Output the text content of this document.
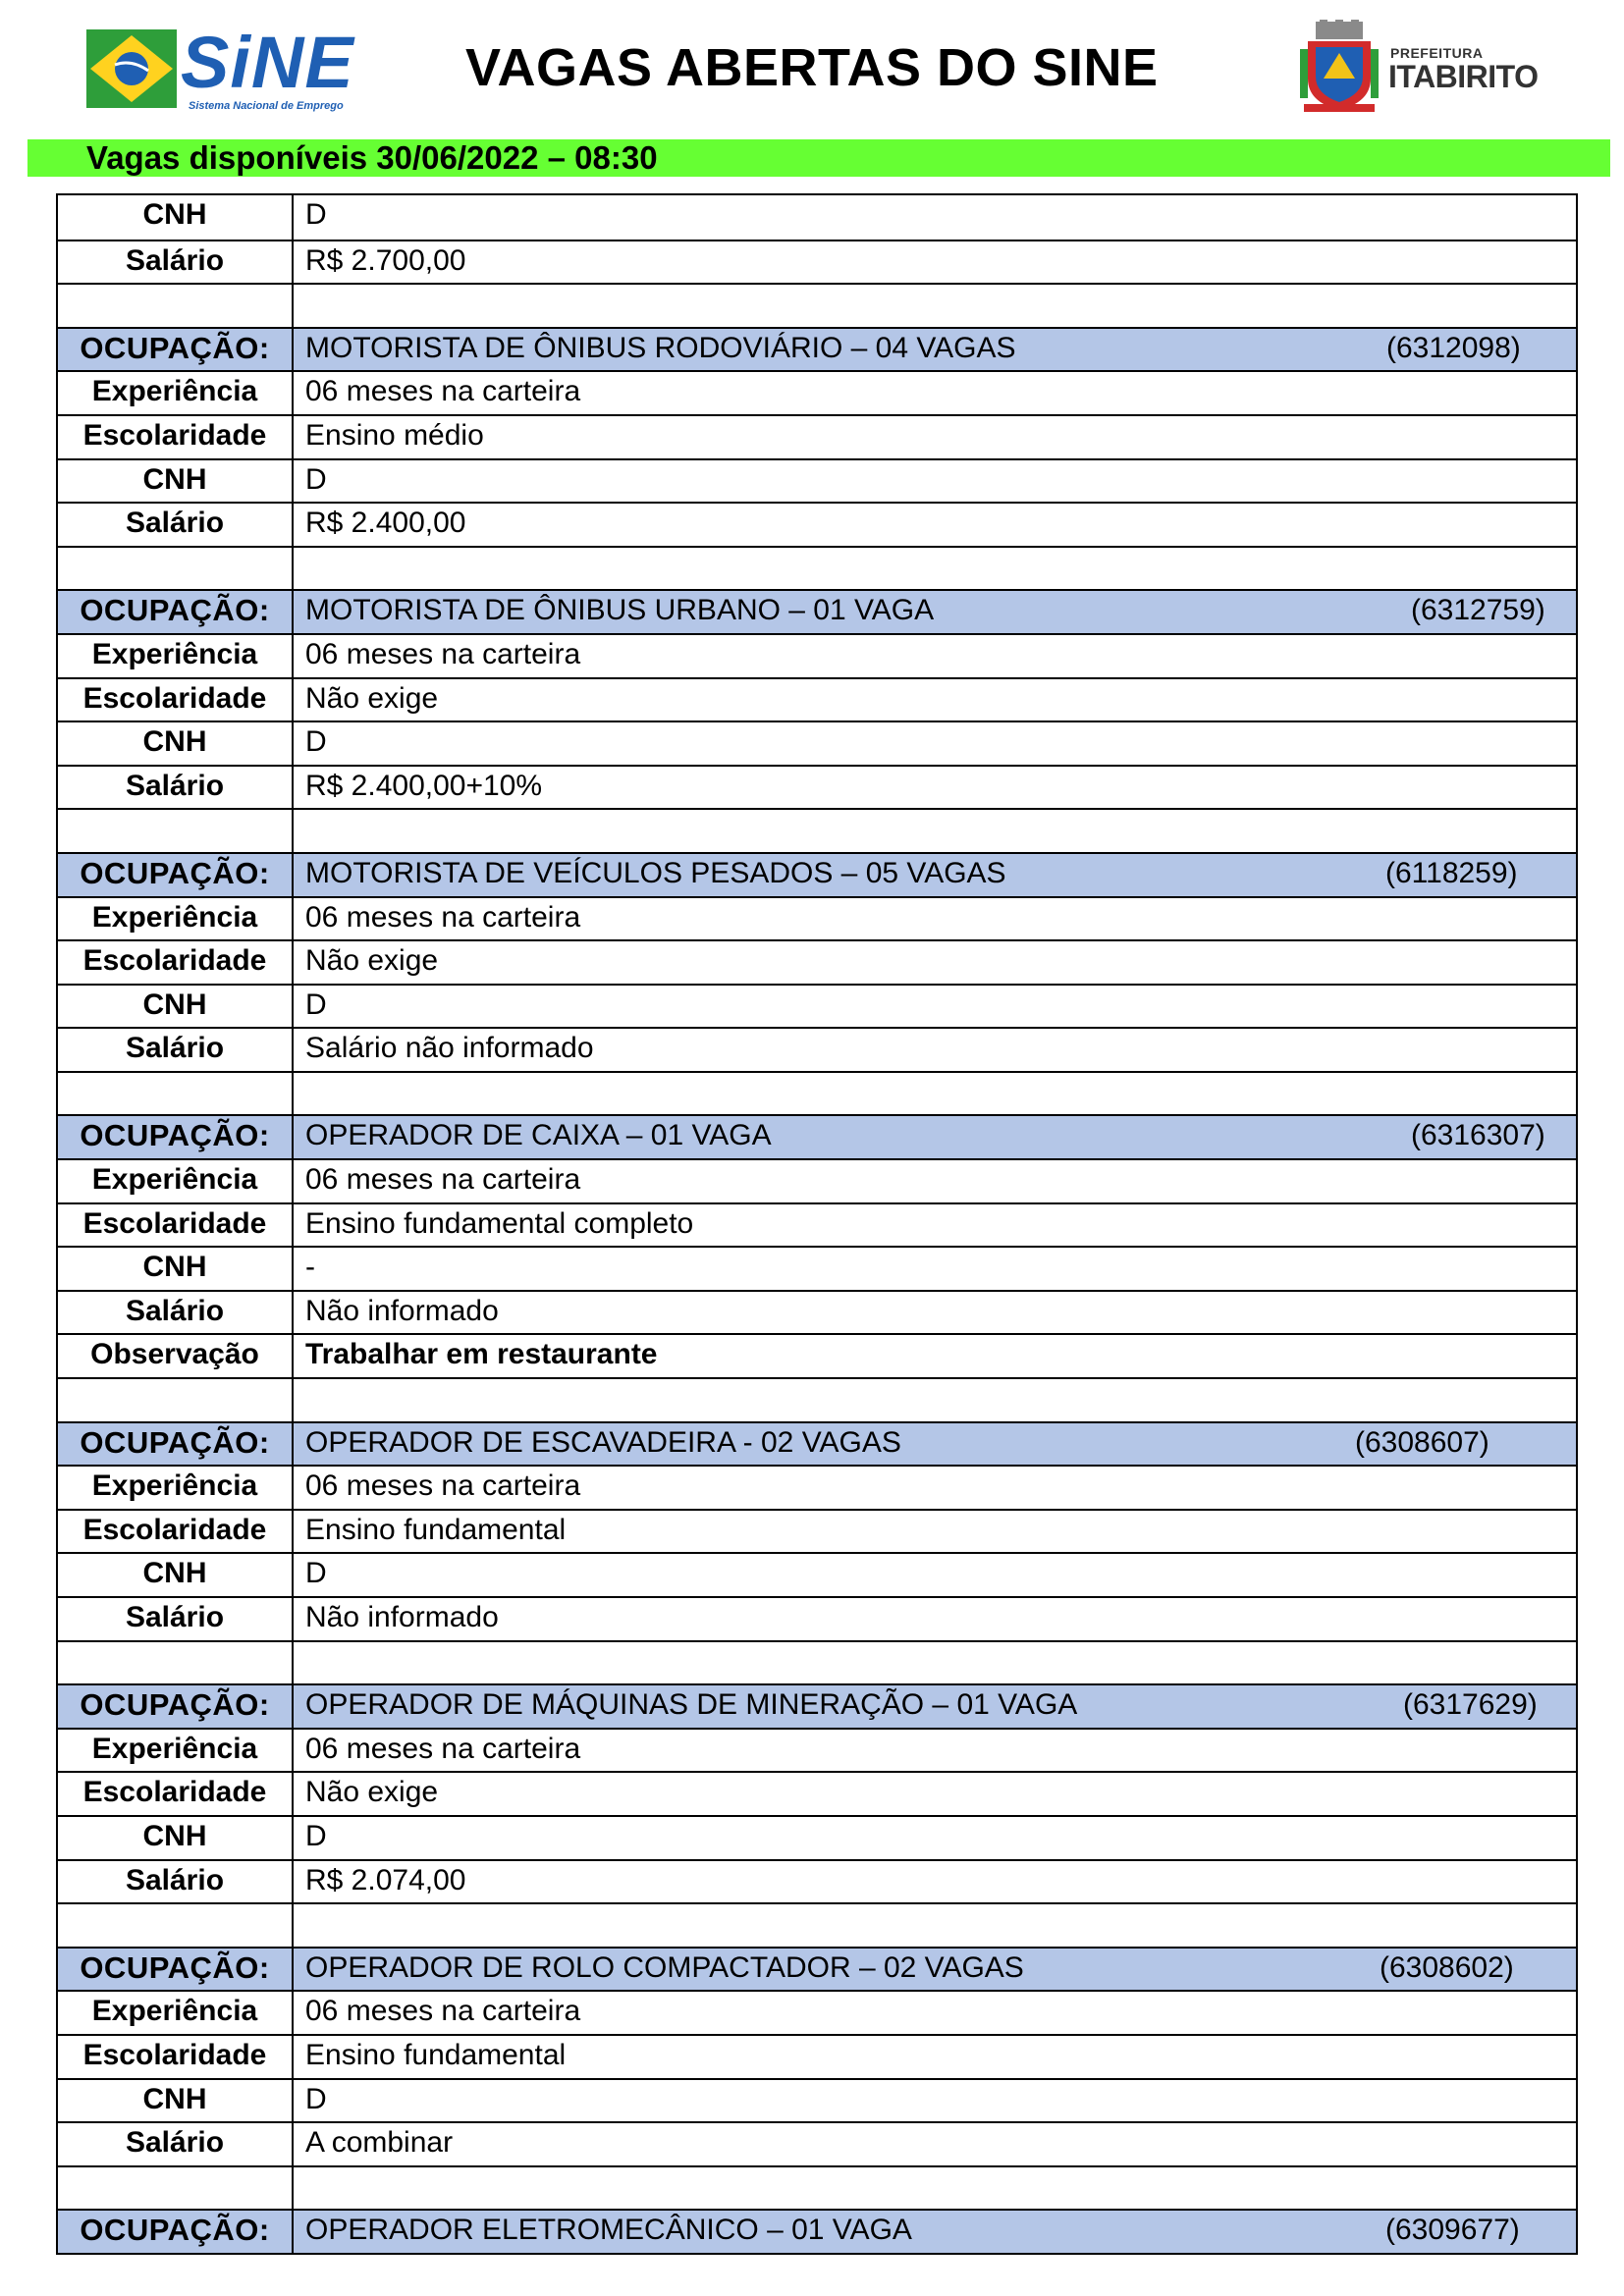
SiNE
Sistema Nacional de Emprego
VAGAS ABERTAS DO SINE	PREFEITURA
ITABIRITO
Vagas disponíveis 30/06/2022 – 08:30
CNH	D
Salário	R$ 2.700,00
OCUPAÇÃO:	MOTORISTA DE ÔNIBUS RODOVIÁRIO – 04 VAGAS	(6312098)
Experiência	06 meses na carteira
Escolaridade	Ensino médio
CNH	D
Salário	R$ 2.400,00
OCUPAÇÃO:	MOTORISTA DE ÔNIBUS URBANO – 01 VAGA	(6312759)
Experiência	06 meses na carteira
Escolaridade	Não exige
CNH	D
Salário	R$ 2.400,00+10%
OCUPAÇÃO:	MOTORISTA DE VEÍCULOS PESADOS – 05 VAGAS	(6118259)
Experiência	06 meses na carteira
Escolaridade	Não exige
CNH	D
Salário	Salário não informado
OCUPAÇÃO:	OPERADOR DE CAIXA – 01 VAGA	(6316307)
Experiência	06 meses na carteira
Escolaridade	Ensino fundamental completo
CNH	-
Salário	Não informado
Observação	Trabalhar em restaurante
OCUPAÇÃO:	OPERADOR DE ESCAVADEIRA - 02 VAGAS	(6308607)
Experiência	06 meses na carteira
Escolaridade	Ensino fundamental
CNH	D
Salário	Não informado
OCUPAÇÃO:	OPERADOR DE MÁQUINAS DE MINERAÇÃO – 01 VAGA	(6317629)
Experiência	06 meses na carteira
Escolaridade	Não exige
CNH	D
Salário	R$ 2.074,00
OCUPAÇÃO:	OPERADOR DE ROLO COMPACTADOR – 02 VAGAS	(6308602)
Experiência	06 meses na carteira
Escolaridade	Ensino fundamental
CNH	D
Salário	A combinar
OCUPAÇÃO:	OPERADOR ELETROMECÂNICO – 01 VAGA	(6309677)
